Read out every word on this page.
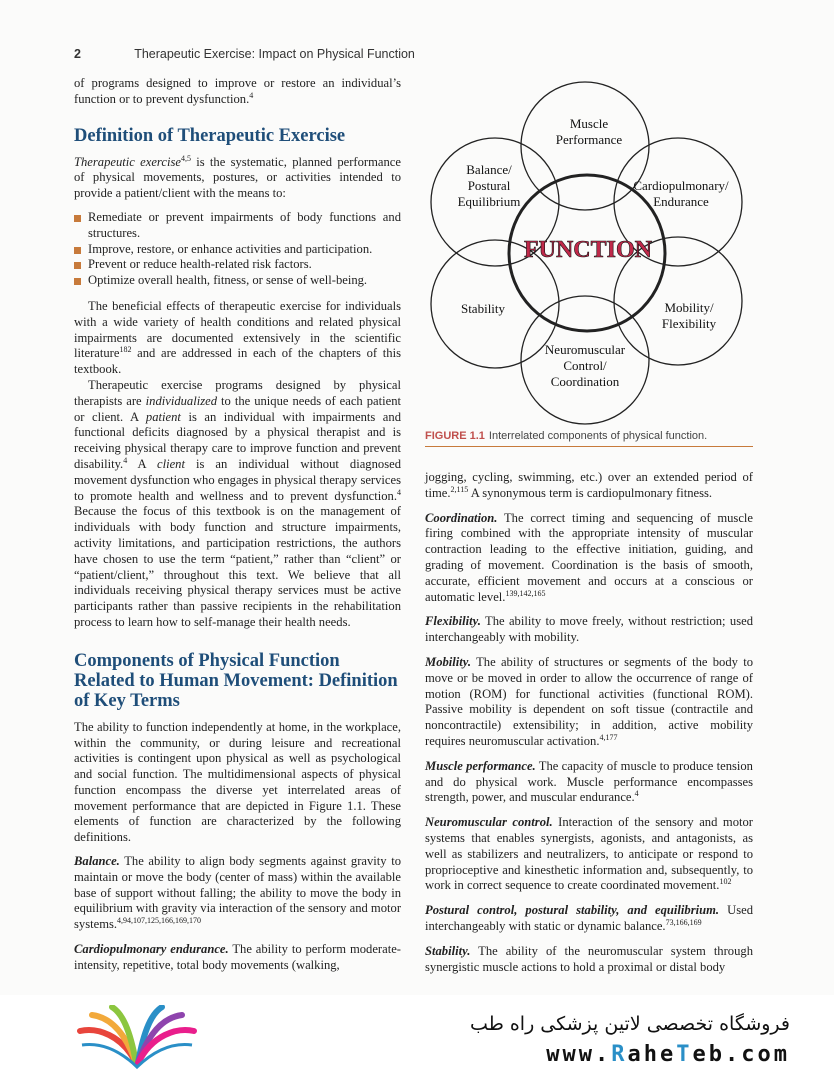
2	Therapeutic Exercise: Impact on Physical Function

of programs designed to improve or restore an individual’s function or to prevent dysfunction.$^4$

Definition of Therapeutic Exercise

Therapeutic exercise$^{4,5}$ is the systematic, planned performance of physical movements, postures, or activities intended to provide a patient/client with the means to:

Remediate or prevent impairments of body functions and structures.
Improve, restore, or enhance activities and participation.
Prevent or reduce health-related risk factors.
Optimize overall health, fitness, or sense of well-being.

The beneficial effects of therapeutic exercise for individuals with a wide variety of health conditions and related physical impairments are documented extensively in the scientific literature$^{182}$ and are addressed in each of the chapters of this textbook.

Therapeutic exercise programs designed by physical therapists are individualized to the unique needs of each patient or client. A patient is an individual with impairments and functional deficits diagnosed by a physical therapist and is receiving physical therapy care to improve function and prevent disability.$^4$ A client is an individual without diagnosed movement dysfunction who engages in physical therapy services to promote health and wellness and to prevent dysfunction.$^4$ Because the focus of this textbook is on the management of individuals with body function and structure impairments, activity limitations, and participation restrictions, the authors have chosen to use the term “patient,” rather than “client” or “patient/client,” throughout this text. We believe that all individuals receiving physical therapy services must be active participants rather than passive recipients in the rehabilitation process to learn how to self-manage their health needs.

Components of Physical Function Related to Human Movement: Definition of Key Terms

The ability to function independently at home, in the workplace, within the community, or during leisure and recreational activities is contingent upon physical as well as psychological and social function. The multidimensional aspects of physical function encompass the diverse yet interrelated areas of movement performance that are depicted in Figure 1.1. These elements of function are characterized by the following definitions.

Balance. The ability to align body segments against gravity to maintain or move the body (center of mass) within the available base of support without falling; the ability to move the body in equilibrium with gravity via interaction of the sensory and motor systems.$^{4,94,107,125,166,169,170}$

Cardiopulmonary endurance. The ability to perform moderate-intensity, repetitive, total body movements (walking,

Muscle Performance
Cardiopulmonary/ Endurance
Mobility/ Flexibility
Neuromuscular Control/ Coordination
Stability
Balance/ Postural Equilibrium
FUNCTION
FIGURE 1.1 Interrelated components of physical function.

jogging, cycling, swimming, etc.) over an extended period of time.$^{2,115}$ A synonymous term is cardiopulmonary fitness.

Coordination. The correct timing and sequencing of muscle firing combined with the appropriate intensity of muscular contraction leading to the effective initiation, guiding, and grading of movement. Coordination is the basis of smooth, accurate, efficient movement and occurs at a conscious or automatic level.$^{139,142,165}$

Flexibility. The ability to move freely, without restriction; used interchangeably with mobility.

Mobility. The ability of structures or segments of the body to move or be moved in order to allow the occurrence of range of motion (ROM) for functional activities (functional ROM). Passive mobility is dependent on soft tissue (contractile and noncontractile) extensibility; in addition, active mobility requires neuromuscular activation.$^{4,177}$

Muscle performance. The capacity of muscle to produce tension and do physical work. Muscle performance encompasses strength, power, and muscular endurance.$^4$

Neuromuscular control. Interaction of the sensory and motor systems that enables synergists, agonists, and antagonists, as well as stabilizers and neutralizers, to anticipate or respond to proprioceptive and kinesthetic information and, subsequently, to work in correct sequence to create coordinated movement.$^{102}$

Postural control, postural stability, and equilibrium. Used interchangeably with static or dynamic balance.$^{73,166,169}$

Stability. The ability of the neuromuscular system through synergistic muscle actions to hold a proximal or distal body

فروشگاه تخصصی لاتین پزشکی راه طب
www.RaheTeb.com
